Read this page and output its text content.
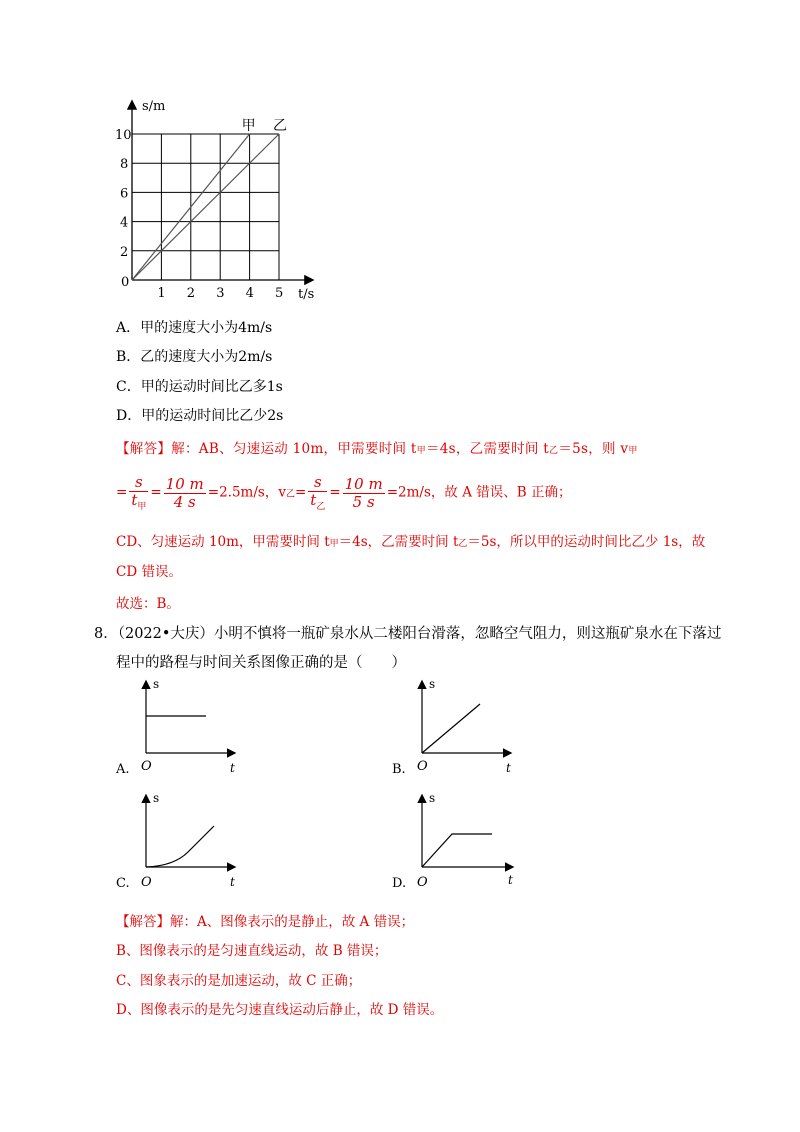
甲 乙
1 2 3 4 5
2
4
6
8
10
s/m
t/s
0
A．甲的速度大小为4m/s
B．乙的速度大小为2m/s
C．甲的运动时间比乙多1s
D．甲的运动时间比乙少2s
【解答】解：AB、匀速运动 10m，甲需要时间 t甲＝4s，乙需要时间 t乙＝5s，则 v甲
= $\frac{s}{t_甲} = \frac{10 m}{4 s} =2.5m/s$，v乙= $\frac{s}{t_乙} = \frac{10 m}{5 s} =2m/s$，故 A 错误、B 正确；
CD、匀速运动 10m，甲需要时间 t甲＝4s，乙需要时间 t乙＝5s，所以甲的运动时间比乙少 1s，故
CD 错误。
故选：B。
8．（2022•大庆）小明不慎将一瓶矿泉水从二楼阳台滑落，忽略空气阻力，则这瓶矿泉水在下落过
程中的路程与时间关系图像正确的是（　　）
s
t
O
A.
s
t
O
B.
s
t
O
C.
s
t
O
D.
【解答】解：A、图像表示的是静止，故 A 错误；
B、图像表示的是匀速直线运动，故 B 错误；
C、图象表示的是加速运动，故 C 正确；
D、图像表示的是先匀速直线运动后静止，故 D 错误。
